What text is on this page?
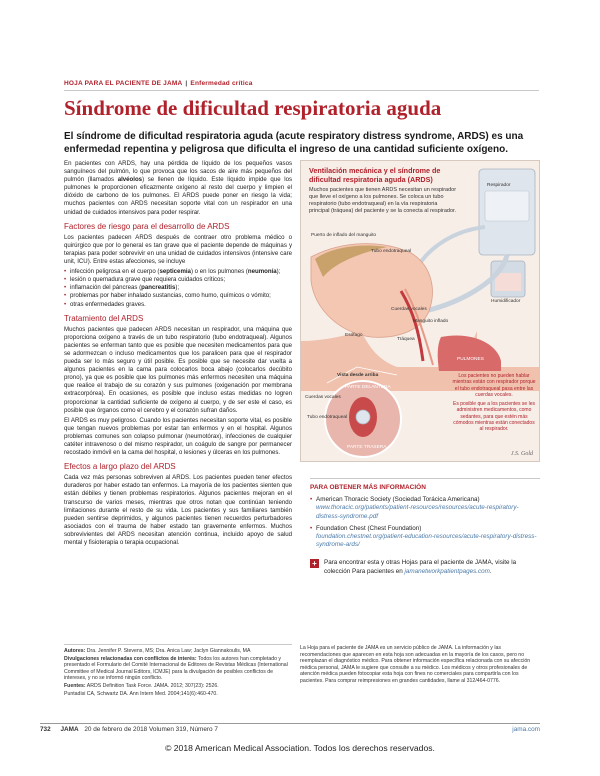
HOJA PARA EL PACIENTE DE JAMA | Enfermedad crítica
Síndrome de dificultad respiratoria aguda

El síndrome de dificultad respiratoria aguda (acute respiratory distress syndrome, ARDS) es una enfermedad repentina y peligrosa que dificulta el ingreso de una cantidad suficiente oxígeno.

En pacientes con ARDS, hay una pérdida de líquido de los pequeños vasos sanguíneos del pulmón, lo que provoca que los sacos de aire más pequeños del pulmón (llamados alvéolos) se llenen de líquido. Este líquido impide que los pulmones le proporcionen eficazmente oxígeno al resto del cuerpo y limpien el dióxido de carbono de los pulmones. El ARDS puede poner en riesgo la vida; muchos pacientes con ARDS necesitan soporte vital con un respirador en una unidad de cuidados intensivos para poder respirar.

Factores de riesgo para el desarrollo de ARDS

Los pacientes padecen ARDS después de contraer otro problema médico o quirúrgico que por lo general es tan grave que el paciente depende de máquinas y terapias para poder sobrevivir en una unidad de cuidados intensivos (intensive care unit, ICU). Entre estas afecciones, se incluye

• infección peligrosa en el cuerpo (septicemia) o en los pulmones (neumonía);
• lesión o quemadura grave que requiera cuidados críticos;
• inflamación del páncreas (pancreatitis);
• problemas por haber inhalado sustancias, como humo, químicos o vómito;
• otras enfermedades graves.
Tratamiento del ARDS

Muchos pacientes que padecen ARDS necesitan un respirador, una máquina que proporciona oxígeno a través de un tubo respiratorio (tubo endotraqueal). Algunos pacientes se enferman tanto que es posible que necesiten medicamentos para que se adormezcan o incluso medicamentos que los paralicen para que el respirador pueda ser lo más seguro y útil posible. Es posible que se necesite dar vuelta a algunos pacientes en la cama para colocarlos boca abajo (colocarlos decúbito prono), ya que es posible que los pulmones más enfermos necesiten una máquina que realice el trabajo de su corazón y sus pulmones (oxigenación por membrana extracorpórea). En ocasiones, es posible que incluso estas medidas no logren proporcionar la cantidad suficiente de oxígeno al cuerpo, y de ser este el caso, es posible que órganos como el cerebro y el corazón sufran daños.

El ARDS es muy peligroso. Cuando los pacientes necesitan soporte vital, es posible que tengan nuevos problemas por estar tan enfermos y en el hospital. Algunos problemas comunes son colapso pulmonar (neumotórax), infecciones de cualquier catéter intravenoso o del mismo respirador, un coágulo de sangre por permanecer recostado inmóvil en la cama del hospital, o lesiones y úlceras en los pulmones.

Efectos a largo plazo del ARDS

Cada vez más personas sobreviven al ARDS. Los pacientes pueden tener efectos duraderos por haber estado tan enfermos. La mayoría de los pacientes sienten que están débiles y tienen problemas respiratorios. Algunos pacientes mejoran en el transcurso de varios meses, mientras que otros notan que continúan teniendo limitaciones durante el resto de su vida. Los pacientes y sus familiares también pueden sentirse deprimidos, y algunos pacientes tienen recuerdos perturbadores asociados con el trauma de haber estado tan gravemente enfermos. Muchos sobrevivientes del ARDS necesitan atención continua, incluido apoyo de salud mental y fisioterapia o terapia ocupacional.

Ventilación mecánica y el síndrome de dificultad respiratoria aguda (ARDS)
Muchos pacientes que tienen ARDS necesitan un respirador que lleve el oxígeno a los pulmones. Se coloca un tubo respiratorio (tubo endotraqueal) en la vía respiratoria principal (tráquea) del paciente y se la conecta al respirador.
Puerto de inflado del manguito
Respirador
Humidificador
Tubo endotraqueal
Cuerdas vocales
Manguito inflado
Esófago
Tráquea
PULMONES
Vista desde arriba
PARTE DELANTERA
PARTE TRASERA
Cuerdas vocales
Tubo endotraqueal

Los pacientes no pueden hablar mientras están con respirador porque el tubo endotraqueal pasa entre las cuerdas vocales.

Es posible que a los pacientes se les administren medicamentos, como sedantes, para que estén más cómodos mientras están conectados al respirador.

J.S. Gold
PARA OBTENER MÁS INFORMACIÓN
• American Thoracic Society (Sociedad Torácica Americana)
www.thoracic.org/patients/patient-resources/resources/acute-respiratory-distress-syndrome.pdf
• Foundation Chest (Chest Foundation)
foundation.chestnet.org/patient-education-resources/acute-respiratory-distress-syndrome-ards/
+	Para encontrar esta y otras Hojas para el paciente de JAMA, visite la colección Para pacientes en jamanetworkpatientpages.com.

Autores: Dra. Jennifer P. Stevens, MS; Dra. Anica Law; Jaclyn Giannakoulis, MA

Divulgaciones relacionadas con conflictos de interés: Todos los autores han completado y presentado el Formulario del Comité Internacional de Editores de Revistas Médicas (International Committee of Medical Journal Editors, ICMJE) para la divulgación de posibles conflictos de intereses, y no se informó ningún conflicto.

Fuentes: ARDS Definition Task Force. JAMA. 2012; 307(23): 2526.

Puntadisi CA, Schwartz DA. Ann Intern Med. 2004;141(6):460-470.

La Hoja para el paciente de JAMA es un servicio público de JAMA. La información y las recomendaciones que aparecen en esta hoja son adecuadas en la mayoría de los casos, pero no reemplazan el diagnóstico médico. Para obtener información específica relacionada con su afección médica personal, JAMA le sugiere que consulte a su médico. Los médicos y otros profesionales de atención médica pueden fotocopiar esta hoja con fines no comerciales para compartirla con los pacientes. Para comprar reimpresiones en grandes cantidades, llame al 312/464-0776.

732 JAMA 20 de febrero de 2018 Volumen 319, Número 7	jama.com
© 2018 American Medical Association. Todos los derechos reservados.
